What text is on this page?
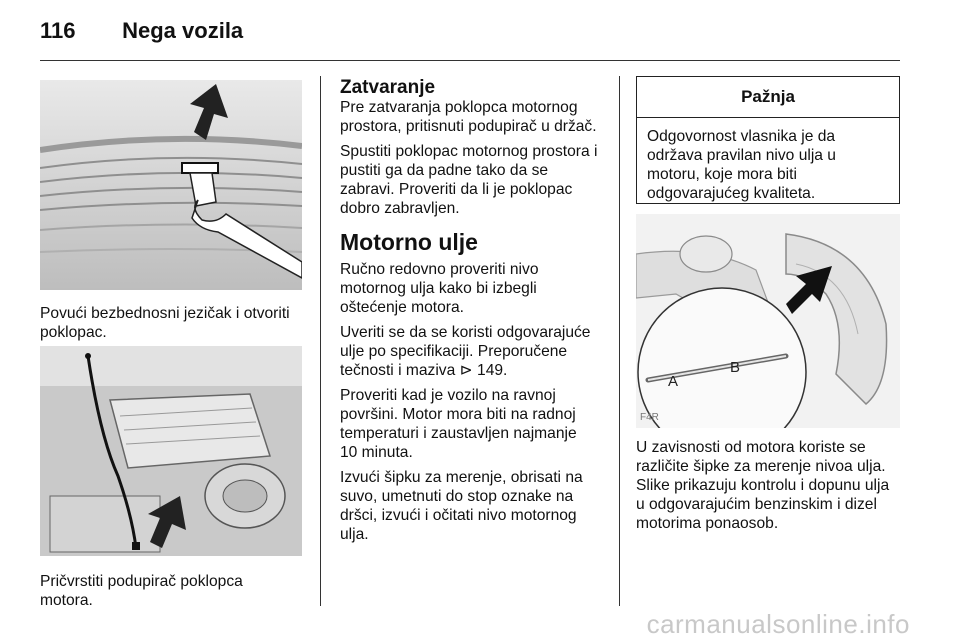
116 Nega vozila

Povući bezbednosni jezičak i otvoriti
poklopac.

Pričvrstiti podupirač poklopca
motora.

Zatvaranje

Pre zatvaranja poklopca motornog
prostora, pritisnuti podupirač u držač.

Spustiti poklopac motornog prostora i
pustiti ga da padne tako da se
zabravi. Proveriti da li je poklopac
dobro zabravljen.

Motorno ulje

Ručno redovno proveriti nivo
motornog ulja kako bi izbegli
oštećenje motora.

Uveriti se da se koristi odgovarajuće
ulje po specifikaciji. Preporučene
tečnosti i maziva ⊳ 149.

Proveriti kad je vozilo na ravnoj
površini. Motor mora biti na radnoj
temperaturi i zaustavljen najmanje
10 minuta.

Izvući šipku za merenje, obrisati na
suvo, umetnuti do stop oznake na
dršci, izvući i očitati nivo motornog
ulja.

Pažnja
Odgovornost vlasnika je da
održava pravilan nivo ulja u
motoru, koje mora biti
odgovarajućeg kvaliteta.
A
B
F4R

U zavisnosti od motora koriste se
različite šipke za merenje nivoa ulja.
Slike prikazuju kontrolu i dopunu ulja
u odgovarajućim benzinskim i dizel
motorima ponaosob.

carmanualsonline.info
